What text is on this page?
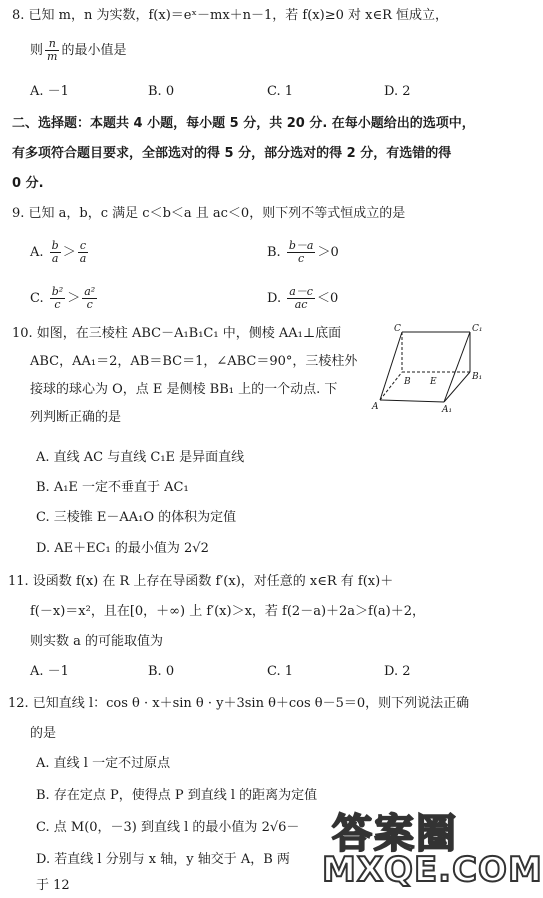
8. 已知 m，n 为实数，f(x)＝eˣ－mx＋n－1，若 f(x)≥0 对 x∈R 恒成立，
则 $\frac{n}{m}$ 的最小值是
A. －1	B. 0	C. 1	D. 2
二、选择题：本题共 4 小题，每小题 5 分，共 20 分. 在每小题给出的选项中，
有多项符合题目要求，全部选对的得 5 分，部分选对的得 2 分，有选错的得
0 分.
9. 已知 a，b，c 满足 c＜b＜a 且 ac＜0，则下列不等式恒成立的是
A. $\frac{b}{a} > \frac{c}{a}$	B. $\frac{b-a}{c} >0$
C. $\frac{\text{b²}}{c} > \frac{\text{a²}}{c}$	D. $\frac{a-c}{ac} <0$
10. 如图，在三棱柱 ABC－A₁B₁C₁ 中，侧棱 AA₁⊥底面
ABC，AA₁＝2，AB＝BC＝1，∠ABC＝90°，三棱柱外
接球的球心为 O，点 E 是侧棱 BB₁ 上的一个动点. 下
列判断正确的是
C	C₁
B E	B₁
A	A₁
A. 直线 AC 与直线 C₁E 是异面直线
B. A₁E 一定不垂直于 AC₁
C. 三棱锥 E－AA₁O 的体积为定值
D. AE＋EC₁ 的最小值为 2√2
11. 设函数 f(x) 在 R 上存在导函数 f′(x)，对任意的 x∈R 有 f(x)＋
f(－x)＝x²，且在[0，＋∞) 上 f′(x)＞x，若 f(2－a)＋2a＞f(a)＋2，
则实数 a 的可能取值为
A. －1	B. 0	C. 1	D. 2
12. 已知直线 l：cos θ · x＋sin θ · y＋3sin θ＋cos θ－5＝0，则下列说法正确
的是
A. 直线 l 一定不过原点
B. 存在定点 P，使得点 P 到直线 l 的距离为定值
C. 点 M(0，－3) 到直线 l 的最小值为 2√6－
D. 若直线 l 分别与 x 轴，y 轴交于 A，B 两
于 12
答案圈
MXQE.COM
